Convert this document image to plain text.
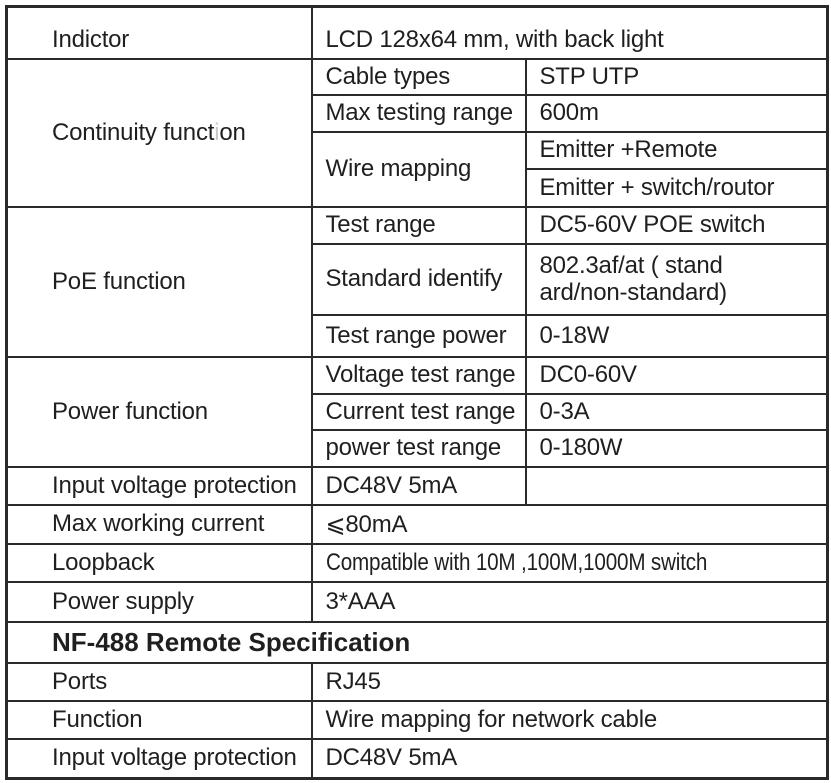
Indictor	LCD 128x64 mm, with back light	
Continuity function	Cable types	STP UTP
	Max testing range	600m
	Wire mapping	Emitter +Remote
		Emitter + switch/routor
PoE function	Test range	DC5-60V POE switch
	Standard identify	802.3af/at ( stand
ard/non-standard)
	Test range power	0-18W
Power function	Voltage test range	DC0-60V
	Current test range	0-3A
	power test range	0-180W
Input voltage protection	DC48V 5mA	
Max working current	⩽80mA	
Loopback	Compatible with 10M ,100M,1000M switch	
Power supply	3*AAA	
NF-488 Remote Specification		
Ports	RJ45	
Function	Wire mapping for network cable	
Input voltage protection	DC48V 5mA	
